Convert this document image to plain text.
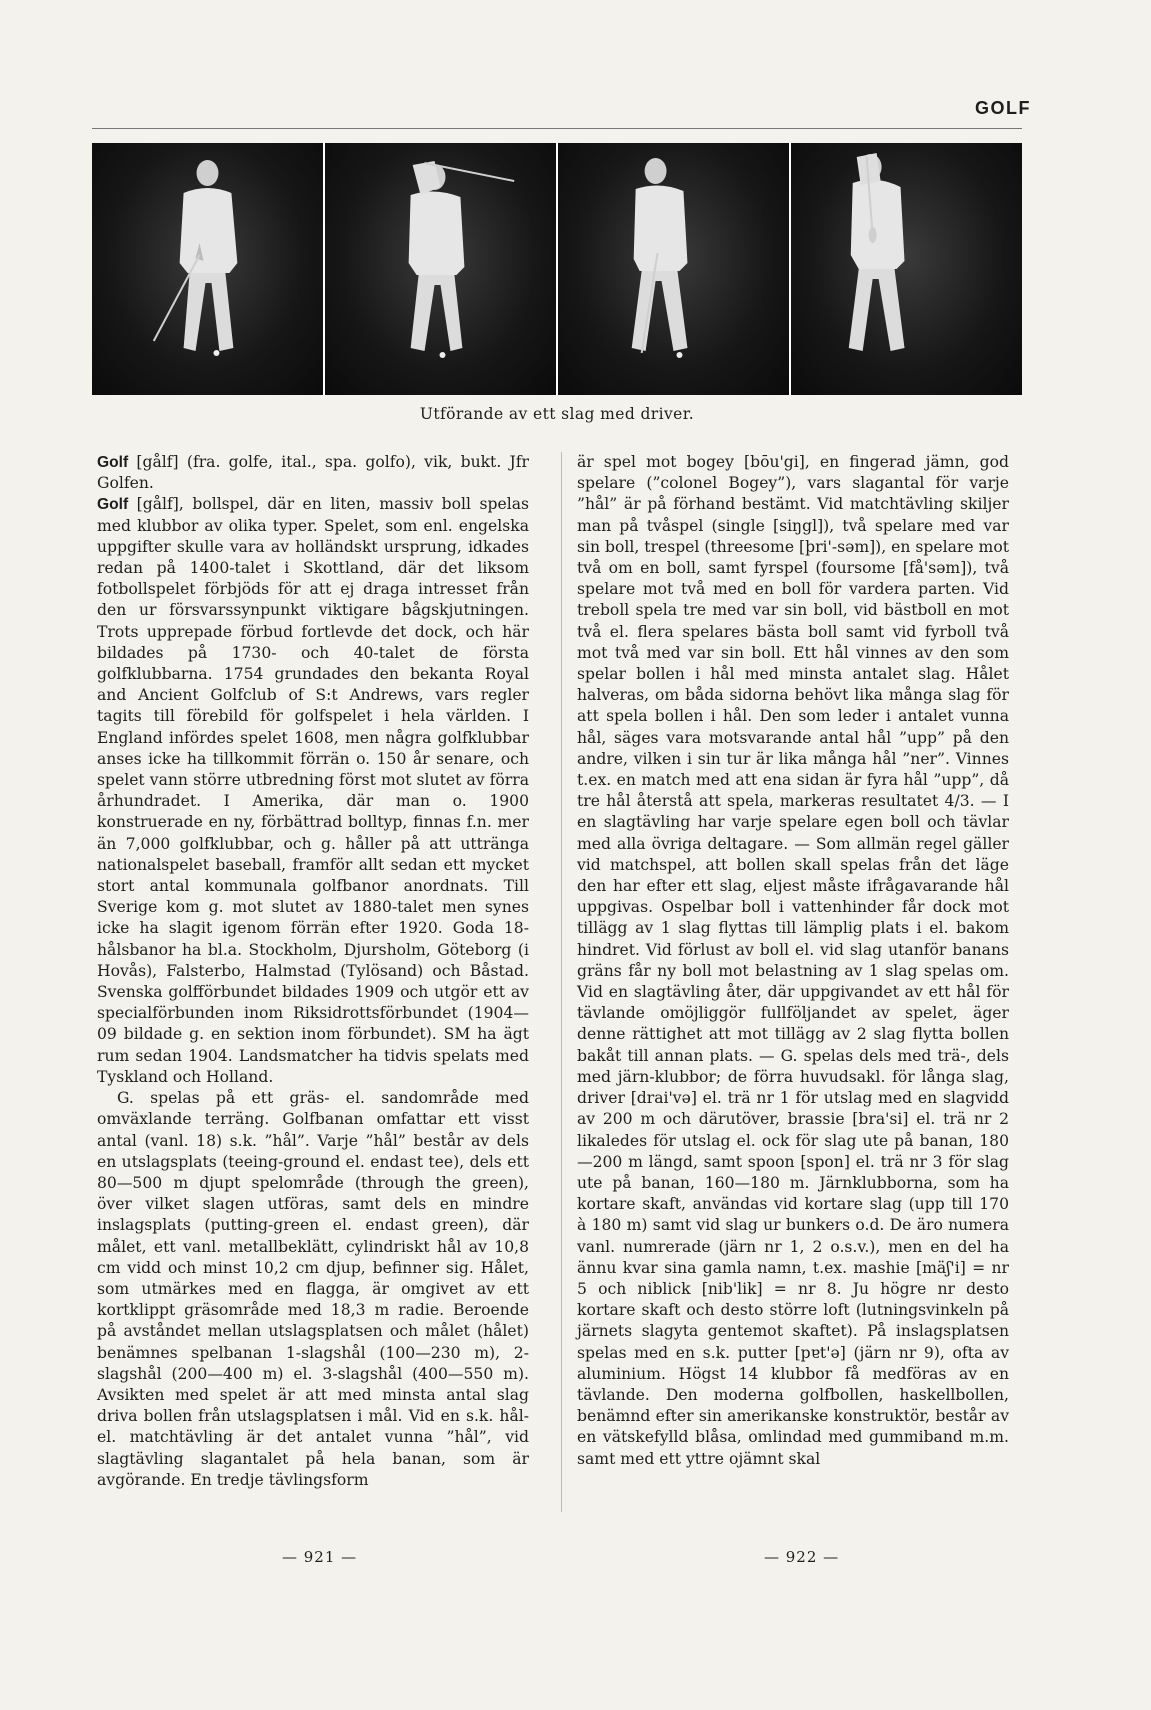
GOLF
Utförande av ett slag med driver.

Golf [gålf] (fra. golfe, ital., spa. golfo), vik, bukt. Jfr Golfen.

Golf [gålf], bollspel, där en liten, massiv boll spelas med klubbor av olika typer. Spelet, som enl. engelska uppgifter skulle vara av holländskt ursprung, idkades redan på 1400-talet i Skottland, där det liksom fotbollspelet förbjöds för att ej draga intresset från den ur försvarssynpunkt viktigare bågskjutningen. Trots upprepade förbud fortlevde det dock, och här bildades på 1730- och 40-talet de första golfklubbarna. 1754 grundades den bekanta Royal and Ancient Golfclub of S:t Andrews, vars regler tagits till förebild för golfspelet i hela världen. I England infördes spelet 1608, men några golfklubbar anses icke ha tillkommit förrän o. 150 år senare, och spelet vann större utbredning först mot slutet av förra århundradet. I Amerika, där man o. 1900 konstruerade en ny, förbättrad bolltyp, finnas f.n. mer än 7,000 golfklubbar, och g. håller på att uttränga nationalspelet baseball, framför allt sedan ett mycket stort antal kommunala golfbanor anordnats. Till Sverige kom g. mot slutet av 1880-talet men synes icke ha slagit igenom förrän efter 1920. Goda 18-hålsbanor ha bl.a. Stockholm, Djursholm, Göteborg (i Hovås), Falsterbo, Halmstad (Tylösand) och Båstad. Svenska golfförbundet bildades 1909 och utgör ett av specialförbunden inom Riksidrottsförbundet (1904—09 bildade g. en sektion inom förbundet). SM ha ägt rum sedan 1904. Landsmatcher ha tidvis spelats med Tyskland och Holland.

G. spelas på ett gräs- el. sandområde med omväxlande terräng. Golfbanan omfattar ett visst antal (vanl. 18) s.k. ”hål”. Varje ”hål” består av dels en utslagsplats (teeing-ground el. endast tee), dels ett 80—500 m djupt spelområde (through the green), över vilket slagen utföras, samt dels en mindre inslagsplats (putting-green el. endast green), där målet, ett vanl. metallbeklätt, cylindriskt hål av 10,8 cm vidd och minst 10,2 cm djup, befinner sig. Hålet, som utmärkes med en flagga, är omgivet av ett kortklippt gräsområde med 18,3 m radie. Beroende på avståndet mellan utslagsplatsen och målet (hålet) benämnes spelbanan 1-slagshål (100—230 m), 2-slagshål (200—400 m) el. 3-slagshål (400—550 m). Avsikten med spelet är att med minsta antal slag driva bollen från utslagsplatsen i mål. Vid en s.k. hål- el. matchtävling är det antalet vunna ”hål”, vid slagtävling slagantalet på hela banan, som är avgörande. En tredje tävlingsform

är spel mot bogey [bōu'gi], en fingerad jämn, god spelare (”colonel Bogey”), vars slagantal för varje ”hål” är på förhand bestämt. Vid matchtävling skiljer man på tvåspel (single [siŋgl]), två spelare med var sin boll, trespel (threesome [þri'-səm]), en spelare mot två om en boll, samt fyrspel (foursome [få'səm]), två spelare mot två med en boll för vardera parten. Vid treboll spela tre med var sin boll, vid bästboll en mot två el. flera spelares bästa boll samt vid fyrboll två mot två med var sin boll. Ett hål vinnes av den som spelar bollen i hål med minsta antalet slag. Hålet halveras, om båda sidorna behövt lika många slag för att spela bollen i hål. Den som leder i antalet vunna hål, säges vara motsvarande antal hål ”upp” på den andre, vilken i sin tur är lika många hål ”ner”. Vinnes t.ex. en match med att ena sidan är fyra hål ”upp”, då tre hål återstå att spela, markeras resultatet 4/3. — I en slagtävling har varje spelare egen boll och tävlar med alla övriga deltagare. — Som allmän regel gäller vid matchspel, att bollen skall spelas från det läge den har efter ett slag, eljest måste ifrågavarande hål uppgivas. Ospelbar boll i vattenhinder får dock mot tillägg av 1 slag flyttas till lämplig plats i el. bakom hindret. Vid förlust av boll el. vid slag utanför banans gräns får ny boll mot belastning av 1 slag spelas om. Vid en slagtävling åter, där uppgivandet av ett hål för tävlande omöjliggör fullföljandet av spelet, äger denne rättighet att mot tillägg av 2 slag flytta bollen bakåt till annan plats. — G. spelas dels med trä-, dels med järn-klubbor; de förra huvudsakl. för långa slag, driver [drai'və] el. trä nr 1 för utslag med en slagvidd av 200 m och därutöver, brassie [bra'si] el. trä nr 2 likaledes för utslag el. ock för slag ute på banan, 180—200 m längd, samt spoon [spon] el. trä nr 3 för slag ute på banan, 160—180 m. Järnklubborna, som ha kortare skaft, användas vid kortare slag (upp till 170 à 180 m) samt vid slag ur bunkers o.d. De äro numera vanl. numrerade (järn nr 1, 2 o.s.v.), men en del ha ännu kvar sina gamla namn, t.ex. mashie [mäʃ'i] = nr 5 och niblick [nib'lik] = nr 8. Ju högre nr desto kortare skaft och desto större loft (lutningsvinkeln på järnets slagyta gentemot skaftet). På inslagsplatsen spelas med en s.k. putter [pɐt'ə] (järn nr 9), ofta av aluminium. Högst 14 klubbor få medföras av en tävlande. Den moderna golfbollen, haskellbollen, benämnd efter sin amerikanske konstruktör, består av en vätskefylld blåsa, omlindad med gummiband m.m. samt med ett yttre ojämnt skal

— 921 —	— 922 —
